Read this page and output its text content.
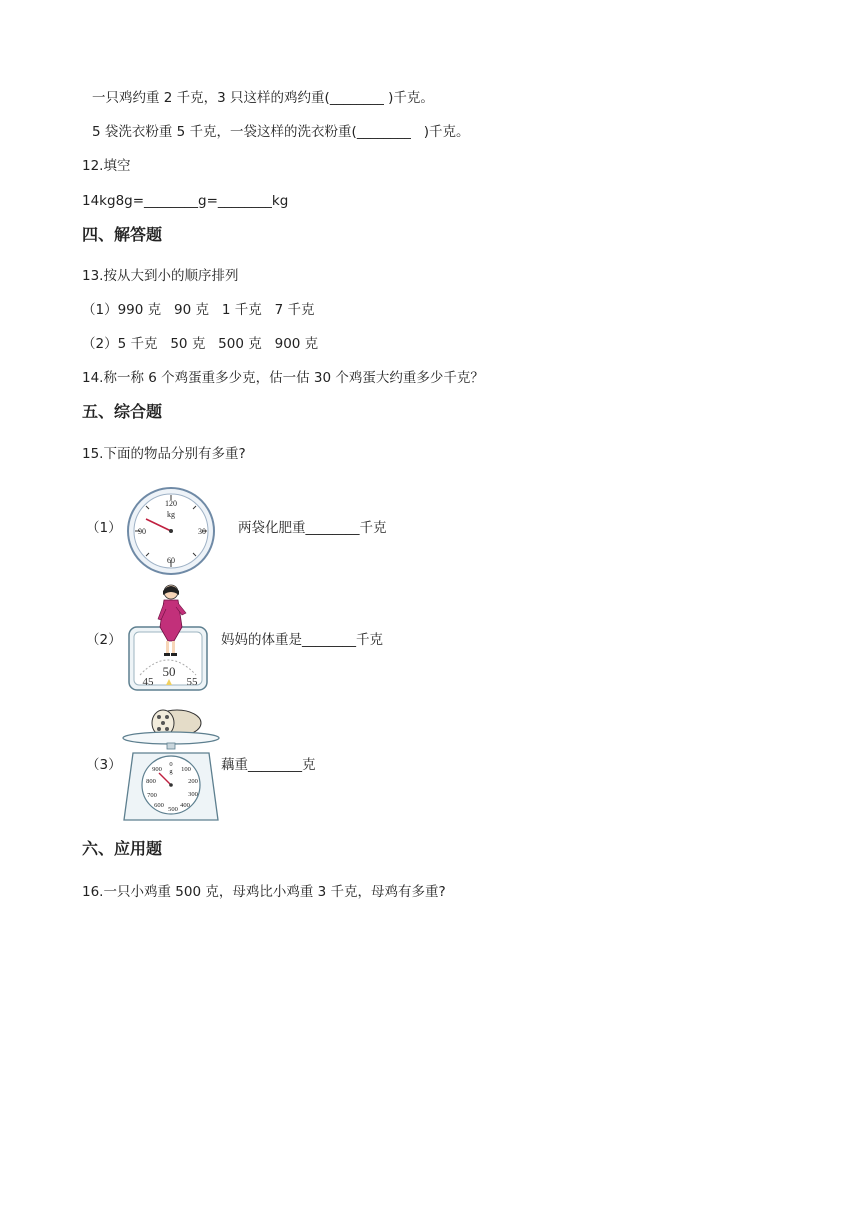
一只鸡约重 2 千克，3 只这样的鸡约重(________ )千克。
5 袋洗衣粉重 5 千克，一袋这样的洗衣粉重(________   )千克。
12.填空
14kg8g=________g=________kg
四、解答题
13.按从大到小的顺序排列
（1）990 克   90 克   1 千克   7 千克
（2）5 千克   50 克   500 克   900 克
14.称一称 6 个鸡蛋重多少克，估一估 30 个鸡蛋大约重多少千克？
五、综合题
15.下面的物品分别有多重?
（1）
120
kg
30
60
90	两袋化肥重________千克
（2）
45
50
55
妈妈的体重是________千克
（3）	0
g 100
200
300
400
500
600
700
800
900	藕重________克
六、应用题
16.一只小鸡重 500 克，母鸡比小鸡重 3 千克，母鸡有多重?
